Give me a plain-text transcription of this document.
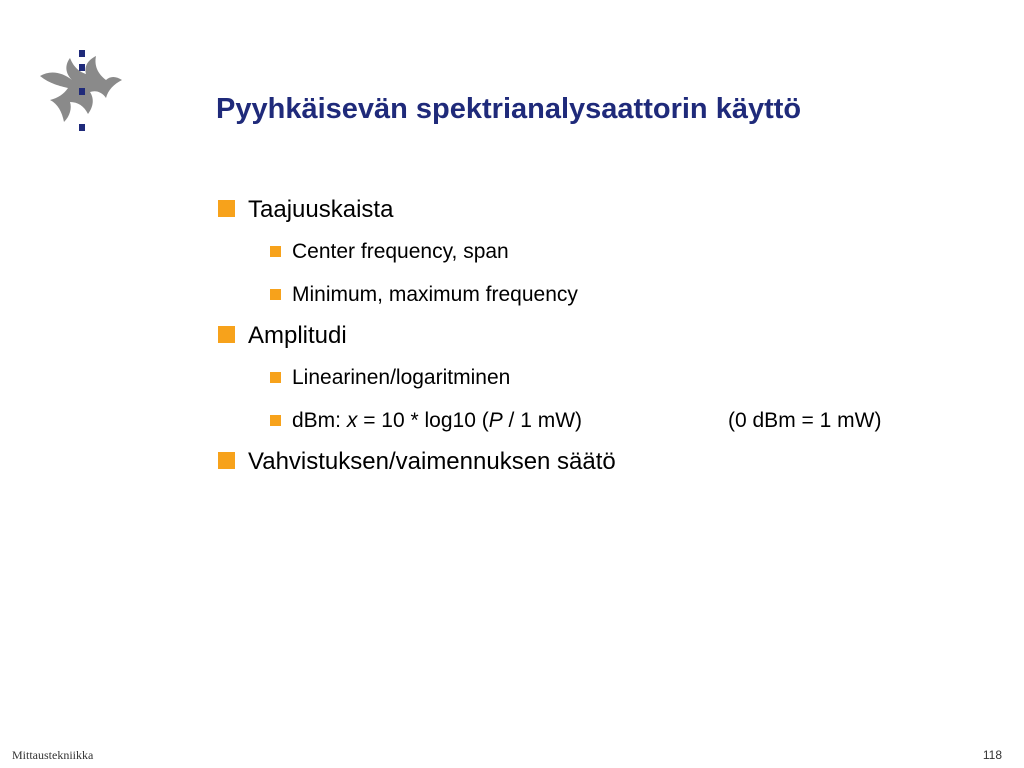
Pyyhkäisevän spektrianalysaattorin käyttö
Taajuuskaista
Center frequency, span
Minimum, maximum frequency
Amplitudi
Linearinen/logaritminen
dBm: x = 10 * log10 (P / 1 mW)	(0 dBm = 1 mW)
Vahvistuksen/vaimennuksen säätö
Mittaustekniikka	118
